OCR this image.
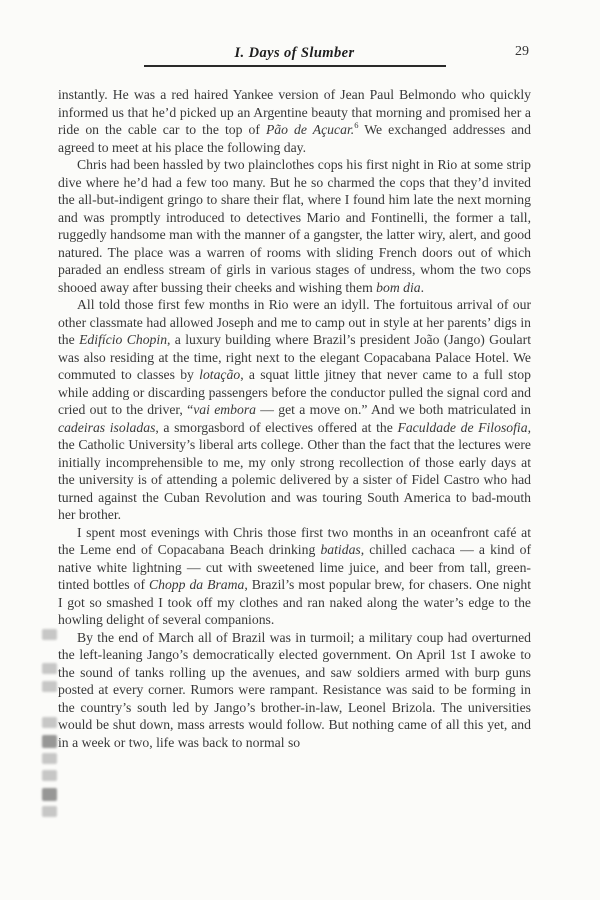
I. Days of Slumber	29

instantly. He was a red haired Yankee version of Jean Paul Belmondo who quickly informed us that he’d picked up an Argentine beauty that morning and promised her a ride on the cable car to the top of Pão de Açucar.$^6$ We exchanged addresses and agreed to meet at his place the following day.

Chris had been hassled by two plainclothes cops his first night in Rio at some strip dive where he’d had a few too many. But he so charmed the cops that they’d invited the all-but-indigent gringo to share their flat, where I found him late the next morning and was promptly introduced to detectives Mario and Fontinelli, the former a tall, ruggedly handsome man with the manner of a gangster, the latter wiry, alert, and good natured. The place was a warren of rooms with sliding French doors out of which paraded an endless stream of girls in various stages of undress, whom the two cops shooed away after bussing their cheeks and wishing them bom dia.

All told those first few months in Rio were an idyll. The fortuitous arrival of our other classmate had allowed Joseph and me to camp out in style at her parents’ digs in the Edifício Chopin, a luxury building where Brazil’s president João (Jango) Goulart was also residing at the time, right next to the elegant Copacabana Palace Hotel. We commuted to classes by lotação, a squat little jitney that never came to a full stop while adding or discarding passengers before the conductor pulled the signal cord and cried out to the driver, “vai embora — get a move on.” And we both matriculated in cadeiras isoladas, a smorgasbord of electives offered at the Faculdade de Filosofia, the Catholic University’s liberal arts college. Other than the fact that the lectures were initially incomprehensible to me, my only strong recollection of those early days at the university is of attending a polemic delivered by a sister of Fidel Castro who had turned against the Cuban Revolution and was touring South America to bad-mouth her brother.

I spent most evenings with Chris those first two months in an oceanfront café at the Leme end of Copacabana Beach drinking batidas, chilled cachaca — a kind of native white lightning — cut with sweetened lime juice, and beer from tall, green-tinted bottles of Chopp da Brama, Brazil’s most popular brew, for chasers. One night I got so smashed I took off my clothes and ran naked along the water’s edge to the howling delight of several companions.

By the end of March all of Brazil was in turmoil; a military coup had overturned the left-leaning Jango’s democratically elected government. On April 1st I awoke to the sound of tanks rolling up the avenues, and saw soldiers armed with burp guns posted at every corner. Rumors were rampant. Resistance was said to be forming in the country’s south led by Jango’s brother-in-law, Leonel Brizola. The universities would be shut down, mass arrests would follow. But nothing came of all this yet, and in a week or two, life was back to normal so
